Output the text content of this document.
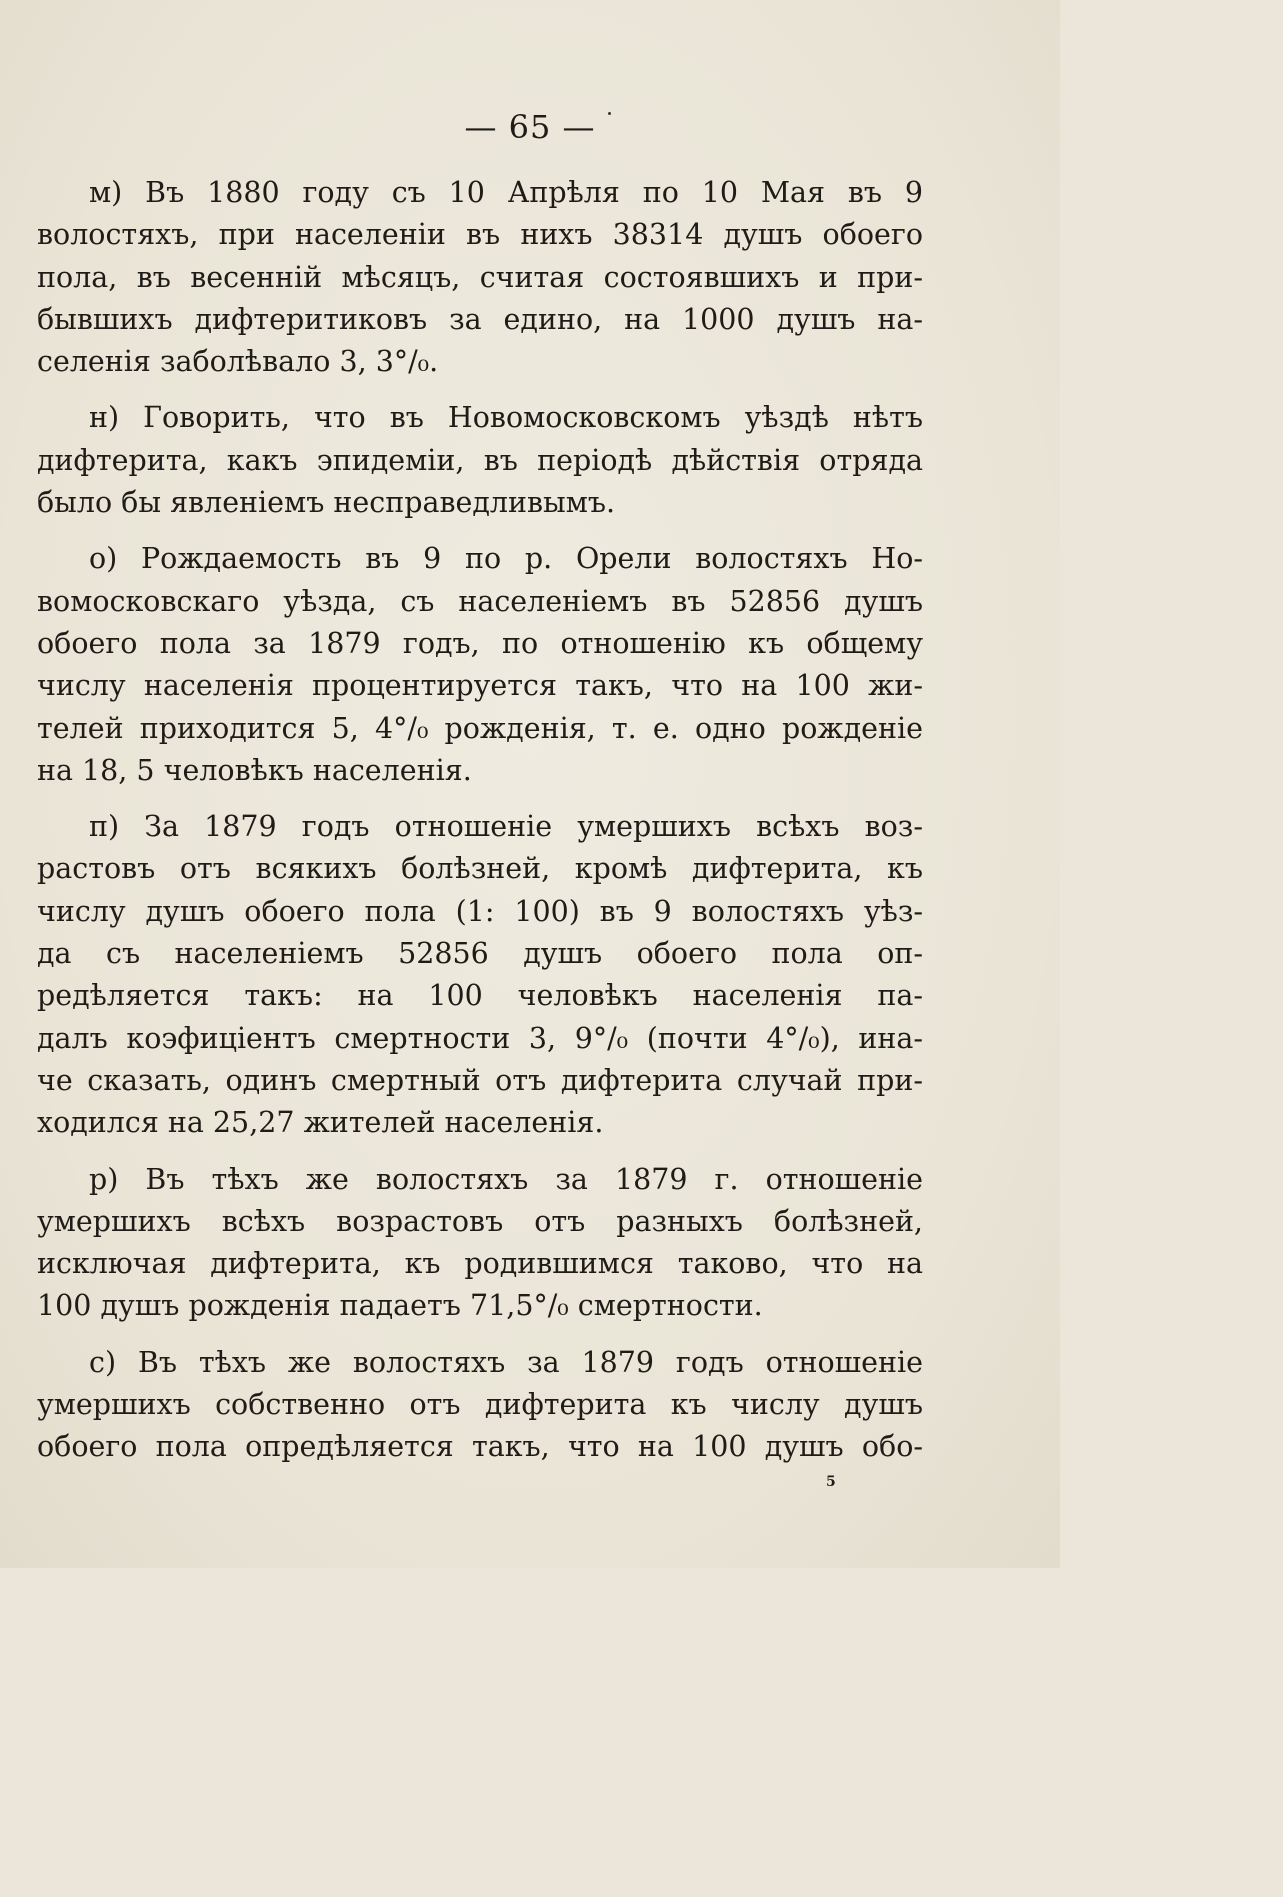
— 65 —

м) Въ 1880 году съ 10 Апрѣля по 10 Мая въ 9
волостяхъ, при населеніи въ нихъ 38314 душъ обоего
пола, въ весенній мѣсяцъ, считая состоявшихъ и при-
бывшихъ дифтеритиковъ за едино, на 1000 душъ на-
селенія заболѣвало 3, 3°/₀.

н) Говорить, что въ Новомосковскомъ уѣздѣ нѣтъ
дифтерита, какъ эпидеміи, въ періодѣ дѣйствія отряда
было бы явленіемъ несправедливымъ.

о) Рождаемость въ 9 по р. Орели волостяхъ Но-
вомосковскаго уѣзда, съ населеніемъ въ 52856 душъ
обоего пола за 1879 годъ, по отношенію къ общему
числу населенія процентируется такъ, что на 100 жи-
телей приходится 5, 4°/₀ рожденія, т. е. одно рожденіе
на 18, 5 человѣкъ населенія.

п) За 1879 годъ отношеніе умершихъ всѣхъ воз-
растовъ отъ всякихъ болѣзней, кромѣ дифтерита, къ
числу душъ обоего пола (1: 100) въ 9 волостяхъ уѣз-
да съ населеніемъ 52856 душъ обоего пола оп-
редѣляется такъ: на 100 человѣкъ населенія па-
далъ коэфиціентъ смертности 3, 9°/₀ (почти 4°/₀), ина-
че сказать, одинъ смертный отъ дифтерита случай при-
ходился на 25,27 жителей населенія.

р) Въ тѣхъ же волостяхъ за 1879 г. отношеніе
умершихъ всѣхъ возрастовъ отъ разныхъ болѣзней,
исключая дифтерита, къ родившимся таково, что на
100 душъ рожденія падаетъ 71,5°/₀ смертности.

с) Въ тѣхъ же волостяхъ за 1879 годъ отношеніе
умершихъ собственно отъ дифтерита къ числу душъ
обоего пола опредѣляется такъ, что на 100 душъ обо-

5
